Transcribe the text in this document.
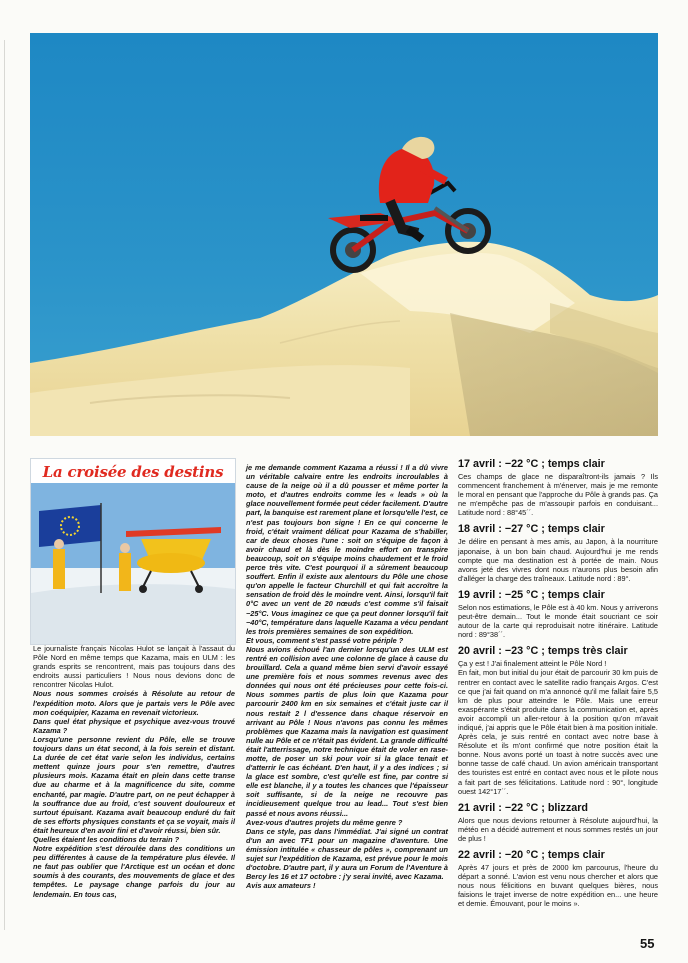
La croisée des destins

Le journaliste français Nicolas Hulot se lançait à l'assaut du Pôle Nord en même temps que Kazama, mais en ULM : les grands esprits se rencontrent, mais pas toujours dans des endroits aussi particuliers ! Nous nous devions donc de rencontrer Nicolas Hulot.

Nous nous sommes croisés à Résolute au retour de l'expédition moto. Alors que je partais vers le Pôle avec mon coéquipier, Kazama en revenait victorieux.

Dans quel état physique et psychique avez-vous trouvé Kazama ?

Lorsqu'une personne revient du Pôle, elle se trouve toujours dans un état second, à la fois serein et distant. La durée de cet état varie selon les individus, certains mettent quinze jours pour s'en remettre, d'autres plusieurs mois. Kazama était en plein dans cette transe due au charme et à la magnificence du site, comme enchanté, par magie. D'autre part, on ne peut échapper à la souffrance due au froid, c'est souvent douloureux et surtout épuisant. Kazama avait beaucoup enduré du fait de ses efforts physiques constants et ça se voyait, mais il était heureux d'en avoir fini et d'avoir réussi, bien sûr.

Quelles étaient les conditions du terrain ?

Notre expédition s'est déroulée dans des conditions un peu différentes à cause de la température plus élevée. Il ne faut pas oublier que l'Arctique est un océan et donc soumis à des courants, des mouvements de glace et des tempêtes. Le paysage change parfois du jour au lendemain. En tous cas,

je me demande comment Kazama a réussi ! Il a dû vivre un véritable calvaire entre les endroits incroulables à cause de la neige où il a dû pousser et même porter la moto, et d'autres endroits comme les « leads » où la glace nouvellement formée peut céder facilement. D'autre part, la banquise est rarement plane et lorsqu'elle l'est, ce n'est pas toujours bon signe ! En ce qui concerne le froid, c'était vraiment délicat pour Kazama de s'habiller, car de deux choses l'une : soit on s'équipe de façon à avoir chaud et là dès le moindre effort on transpire beaucoup, soit on s'équipe moins chaudement et le froid perce très vite. C'est pourquoi il a sûrement beaucoup souffert. Enfin il existe aux alentours du Pôle une chose qu'on appelle le facteur Churchill et qui fait accroître la sensation de froid dès le moindre vent. Ainsi, lorsqu'il fait 0°C avec un vent de 20 nœuds c'est comme s'il faisait −25°C. Vous imaginez ce que ça peut donner lorsqu'il fait −40°C, température dans laquelle Kazama a vécu pendant les trois premières semaines de son expédition.

Et vous, comment s'est passé votre périple ?

Nous avions échoué l'an dernier lorsqu'un des ULM est rentré en collision avec une colonne de glace à cause du brouillard. Cela a quand même bien servi d'avoir essayé une première fois et nous sommes revenus avec des données qui nous ont été précieuses pour cette fois-ci. Nous sommes partis de plus loin que Kazama pour parcourir 2400 km en six semaines et c'était juste car il nous restait 2 l d'essence dans chaque réservoir en arrivant au Pôle ! Nous n'avons pas connu les mêmes problèmes que Kazama mais la navigation est quasiment nulle au Pôle et ce n'était pas évident. La grande difficulté était l'atterrissage, notre technique était de voler en rase-motte, de poser un ski pour voir si la glace tenait et d'atterrir le cas échéant. D'en haut, il y a des indices ; si la glace est sombre, c'est qu'elle est fine, par contre si elle est blanche, il y a toutes les chances que l'épaisseur soit suffisante, si de la neige ne recouvre pas incidieusement quelque trou au lead... Tout s'est bien passé et nous avons réussi...

Avez-vous d'autres projets du même genre ?

Dans ce style, pas dans l'immédiat. J'ai signé un contrat d'un an avec TF1 pour un magazine d'aventure. Une émission intitulée « chasseur de pôles », comprenant un sujet sur l'expédition de Kazama, est prévue pour le mois d'octobre. D'autre part, il y aura un Forum de l'Aventure à Bercy les 16 et 17 octobre : j'y serai invité, avec Kazama.

Avis aux amateurs !

17 avril : −22 °C ; temps clair

Ces champs de glace ne disparaîtront-ils jamais ? Ils commencent franchement à m'énerver, mais je me remonte le moral en pensant que l'approche du Pôle à grands pas. Ça ne m'empêche pas de m'assoupir parfois en conduisant... Latitude nord : 88°45´´.

18 avril : −27 °C ; temps clair

Je délire en pensant à mes amis, au Japon, à la nourriture japonaise, à un bon bain chaud. Aujourd'hui je me rends compte que ma destination est à portée de main. Nous avons jeté des vivres dont nous n'aurons plus besoin afin d'alléger la charge des traîneaux. Latitude nord : 89°.

19 avril : −25 °C ; temps clair

Selon nos estimations, le Pôle est à 40 km. Nous y arriverons peut-être demain... Tout le monde était soucriant ce soir autour de la carte qui reproduisait notre itinéraire. Latitude nord : 89°38´´.

20 avril : −23 °C ; temps très clair

Ça y est ! J'ai finalement atteint le Pôle Nord !

En fait, mon but initial du jour était de parcourir 30 km puis de rentrer en contact avec le satellite radio français Argos. C'est ce que j'ai fait quand on m'a annoncé qu'il me fallait faire 5,5 km de plus pour atteindre le Pôle. Mais une erreur exaspérante s'était produite dans la communication et, après avoir accompli un aller-retour à la position qu'on m'avait indiqué, j'ai appris que le Pôle était bien à ma position initiale.

Après cela, je suis rentré en contact avec notre base à Résolute et ils m'ont confirmé que notre position était la bonne. Nous avons porté un toast à notre succès avec une bonne tasse de café chaud. Un avion américain transportant des touristes est entré en contact avec nous et le pilote nous a fait part de ses félicitations. Latitude nord : 90°, longitude ouest 142°17´´.

21 avril : −22 °C ; blizzard

Alors que nous devions retourner à Résolute aujourd'hui, la météo en a décidé autrement et nous sommes restés un jour de plus !

22 avril : −20 °C ; temps clair

Après 47 jours et près de 2000 km parcourus, l'heure du départ a sonné. L'avion est venu nous chercher et alors que nous nous félicitions en buvant quelques bières, nous faisions le trajet inverse de notre expédition en... une heure et demie. Émouvant, pour le moins ».

55
